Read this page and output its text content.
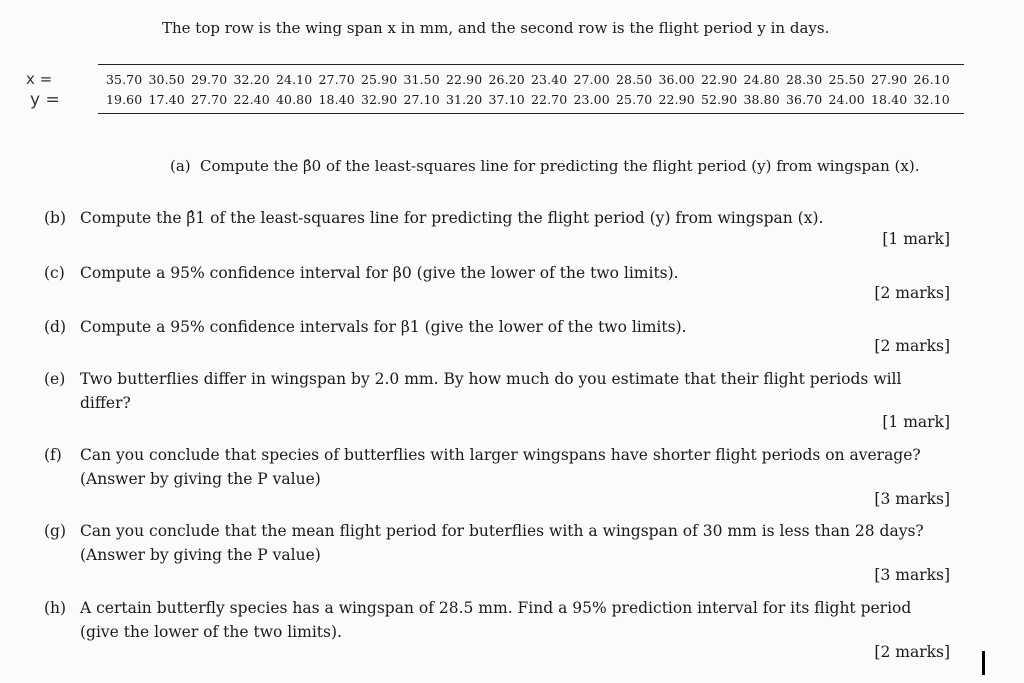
The top row is the wing span x in mm, and the second row is the flight period y in days.
x =
y =
35.70 30.50 29.70 32.20 24.10 27.70 25.90 31.50 22.90 26.20 23.40 27.00 28.50 36.00 22.90 24.80 28.30 25.50 27.90 26.10
19.60 17.40 27.70 22.40 40.80 18.40 32.90 27.10 31.20 37.10 22.70 23.00 25.70 22.90 52.90 38.80 36.70 24.00 18.40 32.10
(a) Compute the β̂0 of the least-squares line for predicting the flight period (y) from wingspan (x).
(b) Compute the β̂1 of the least-squares line for predicting the flight period (y) from wingspan (x).
[1 mark]
(c) Compute a 95% confidence interval for β0 (give the lower of the two limits).
[2 marks]
(d) Compute a 95% confidence intervals for β1 (give the lower of the two limits).
[2 marks]
(e) Two butterflies differ in wingspan by 2.0 mm. By how much do you estimate that their flight periods will differ?
[1 mark]
(f) Can you conclude that species of butterflies with larger wingspans have shorter flight periods on average? (Answer by giving the P value)
[3 marks]
(g) Can you conclude that the mean flight period for buterflies with a wingspan of 30 mm is less than 28 days? (Answer by giving the P value)
[3 marks]
(h) A certain butterfly species has a wingspan of 28.5 mm. Find a 95% prediction interval for its flight period (give the lower of the two limits).
[2 marks]
